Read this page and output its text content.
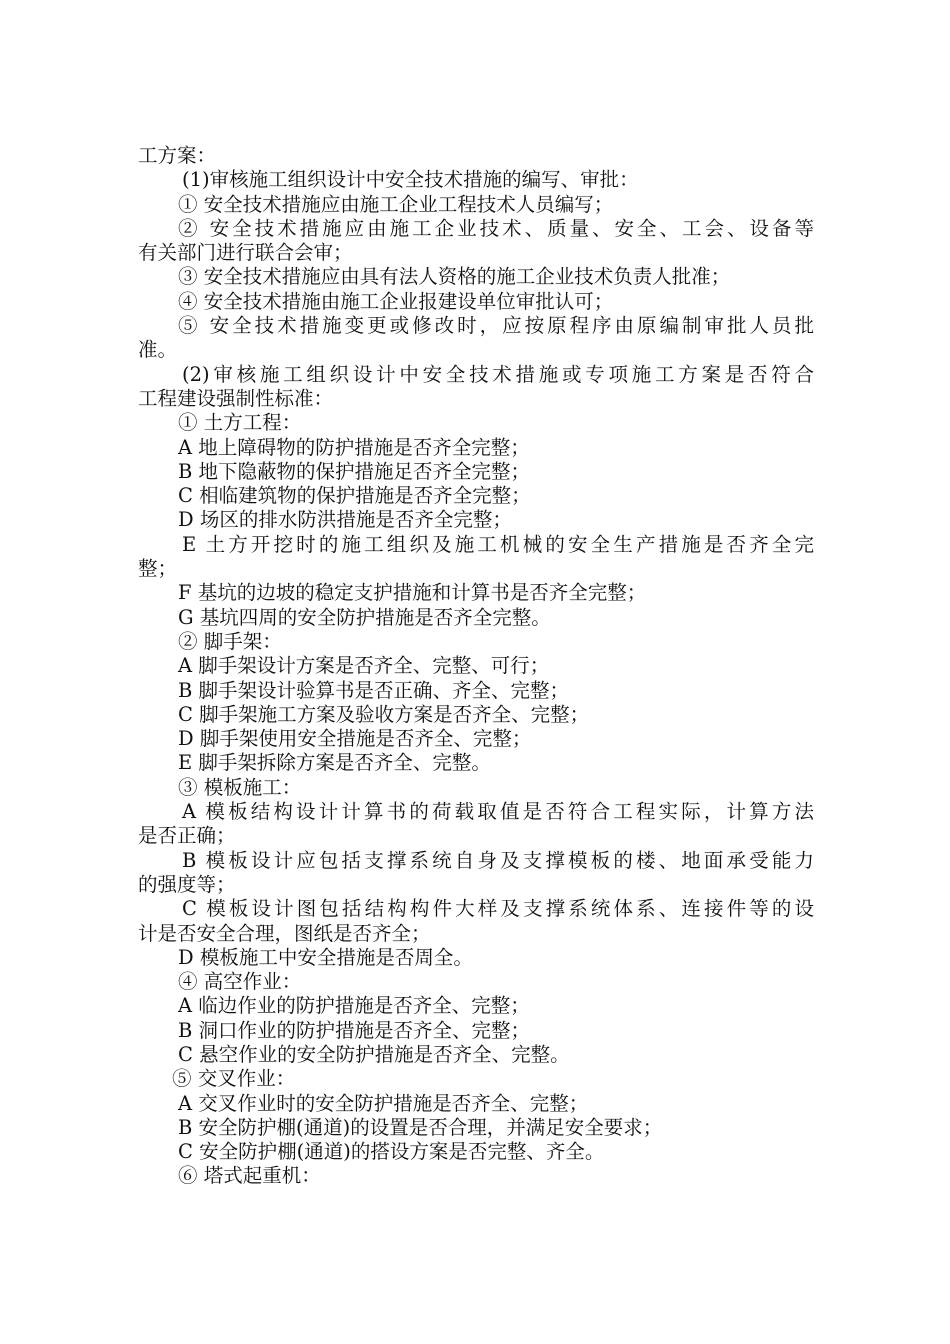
工方案：
(1)审核施工组织设计中安全技术措施的编写、审批：
① 安全技术措施应由施工企业工程技术人员编写；
② 安全技术措施应由施工企业技术、质量、安全、工会、设备等
有关部门进行联合会审；
③ 安全技术措施应由具有法人资格的施工企业技术负责人批准；
④ 安全技术措施由施工企业报建设单位审批认可；
⑤ 安全技术措施变更或修改时，应按原程序由原编制审批人员批
准。
(2)审核施工组织设计中安全技术措施或专项施工方案是否符合
工程建设强制性标准：
① 土方工程：
A 地上障碍物的防护措施是否齐全完整；
B 地下隐蔽物的保护措施足否齐全完整；
C 相临建筑物的保护措施是否齐全完整；
D 场区的排水防洪措施是否齐全完整；
E 土方开挖时的施工组织及施工机械的安全生产措施是否齐全完
整；
F 基坑的边坡的稳定支护措施和计算书是否齐全完整；
G 基坑四周的安全防护措施是否齐全完整。
② 脚手架：
A 脚手架设计方案是否齐全、完整、可行；
B 脚手架设计验算书是否正确、齐全、完整；
C 脚手架施工方案及验收方案是否齐全、完整；
D 脚手架使用安全措施是否齐全、完整；
E 脚手架拆除方案是否齐全、完整。
③ 模板施工：
A 模板结构设计计算书的荷载取值是否符合工程实际，计算方法
是否正确；
B 模板设计应包括支撑系统自身及支撑模板的楼、地面承受能力
的强度等；
C 模板设计图包括结构构件大样及支撑系统体系、连接件等的设
计是否安全合理，图纸是否齐全；
D 模板施工中安全措施是否周全。
④ 高空作业：
A 临边作业的防护措施是否齐全、完整；
B 洞口作业的防护措施是否齐全、完整；
C 悬空作业的安全防护措施是否齐全、完整。
⑤ 交叉作业：
A 交叉作业时的安全防护措施是否齐全、完整；
B 安全防护棚(通道)的设置是否合理，并满足安全要求；
C 安全防护棚(通道)的搭设方案是否完整、齐全。
⑥ 塔式起重机：
